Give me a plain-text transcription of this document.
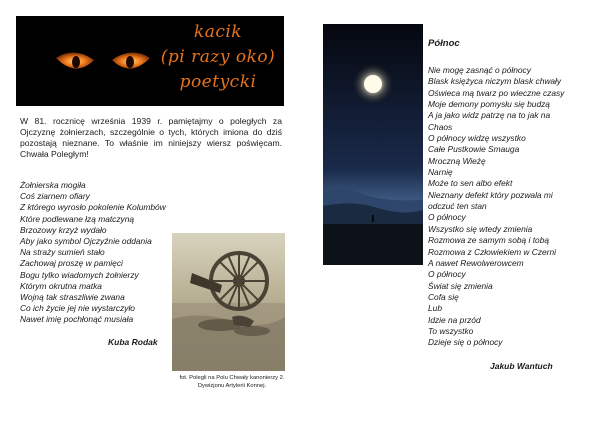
kacik
(pi razy oko)
poetycki
W 81. rocznicę września 1939 r. pamiętajmy o poległych za Ojczyznę żołnierzach, szczególnie o tych, których imiona do dziś pozostają nieznane. To właśnie im niniejszy wiersz poświęcam. Chwała Poległym!
Żołnierska mogiła
Coś ziarnem ofiary
Z którego wyrosło pokolenie Kolumbów
Które podlewane łzą matczyną
Brzozowy krzyż wydało
Aby jako symbol Ojczyźnie oddania
Na straży sumień stało
Zachowaj proszę w pamięci
Bogu tylko wiadomych żołnierzy
Którym okrutna matka
Wojną tak straszliwie zwana
Co ich życie jej nie wystarczyło
Nawet imię pochłonąć musiała
Kuba Rodak
fot. Polegli na Polu Chwały kanonierzy 2. Dywizjonu Artylerii Konnej.
Północ
Nie mogę zasnąć o północy
Blask księżyca niczym blask chwały
Oświeca mą twarz po wieczne czasy
Moje demony pomysłu się budzą
A ja jako widz patrzę na to jak na
Chaos
O północy widzę wszystko
Całe Pustkowie Smauga
Mroczną Wieżę
Narnię
Może to sen albo efekt
Nieznany defekt który pozwala mi
odczuć ten stan
O północy
Wszystko się wtedy zmienia
Rozmowa ze samym sobą i tobą
Rozmowa z Człowiekiem w Czerni
A nawet Rewolwerowcem
O północy
Świat się zmienia
Cofa się
Lub
Idzie na przód
To wszystko
Dzieje się o północy
Jakub Wantuch
